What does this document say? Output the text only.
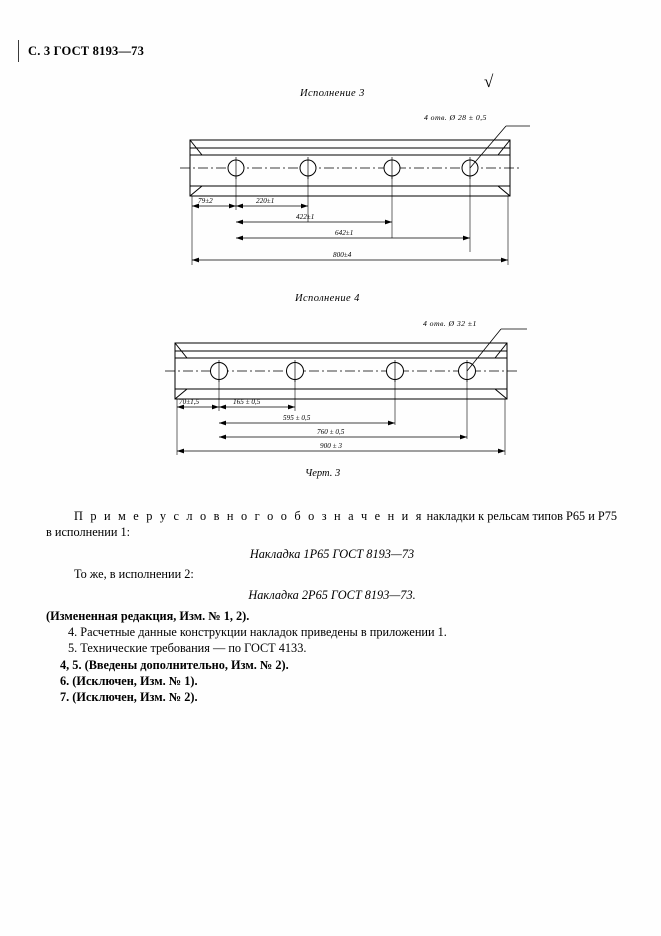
С. 3 ГОСТ 8193—73
Исполнение 3
79±2	220±1
422±1
642±1
800±4
4 отв. Ø 28 ± 0,5
√
Исполнение 4
70±1,5	165 ± 0,5
595 ± 0,5
760 ± 0,5
900 ± 3
4 отв. Ø 32 ±1
Черт. 3

П р и м е р у с л о в н о г о о б о з н а ч е н и я накладки к рельсам типов Р65 и Р75 в исполнении 1:

Накладка 1Р65 ГОСТ 8193—73

То же, в исполнении 2:

Накладка 2Р65 ГОСТ 8193—73.

(Измененная редакция, Изм. № 1, 2).

4. Расчетные данные конструкции накладок приведены в приложении 1.

5. Технические требования — по ГОСТ 4133.

4, 5. (Введены дополнительно, Изм. № 2).

6. (Исключен, Изм. № 1).

7. (Исключен, Изм. № 2).
